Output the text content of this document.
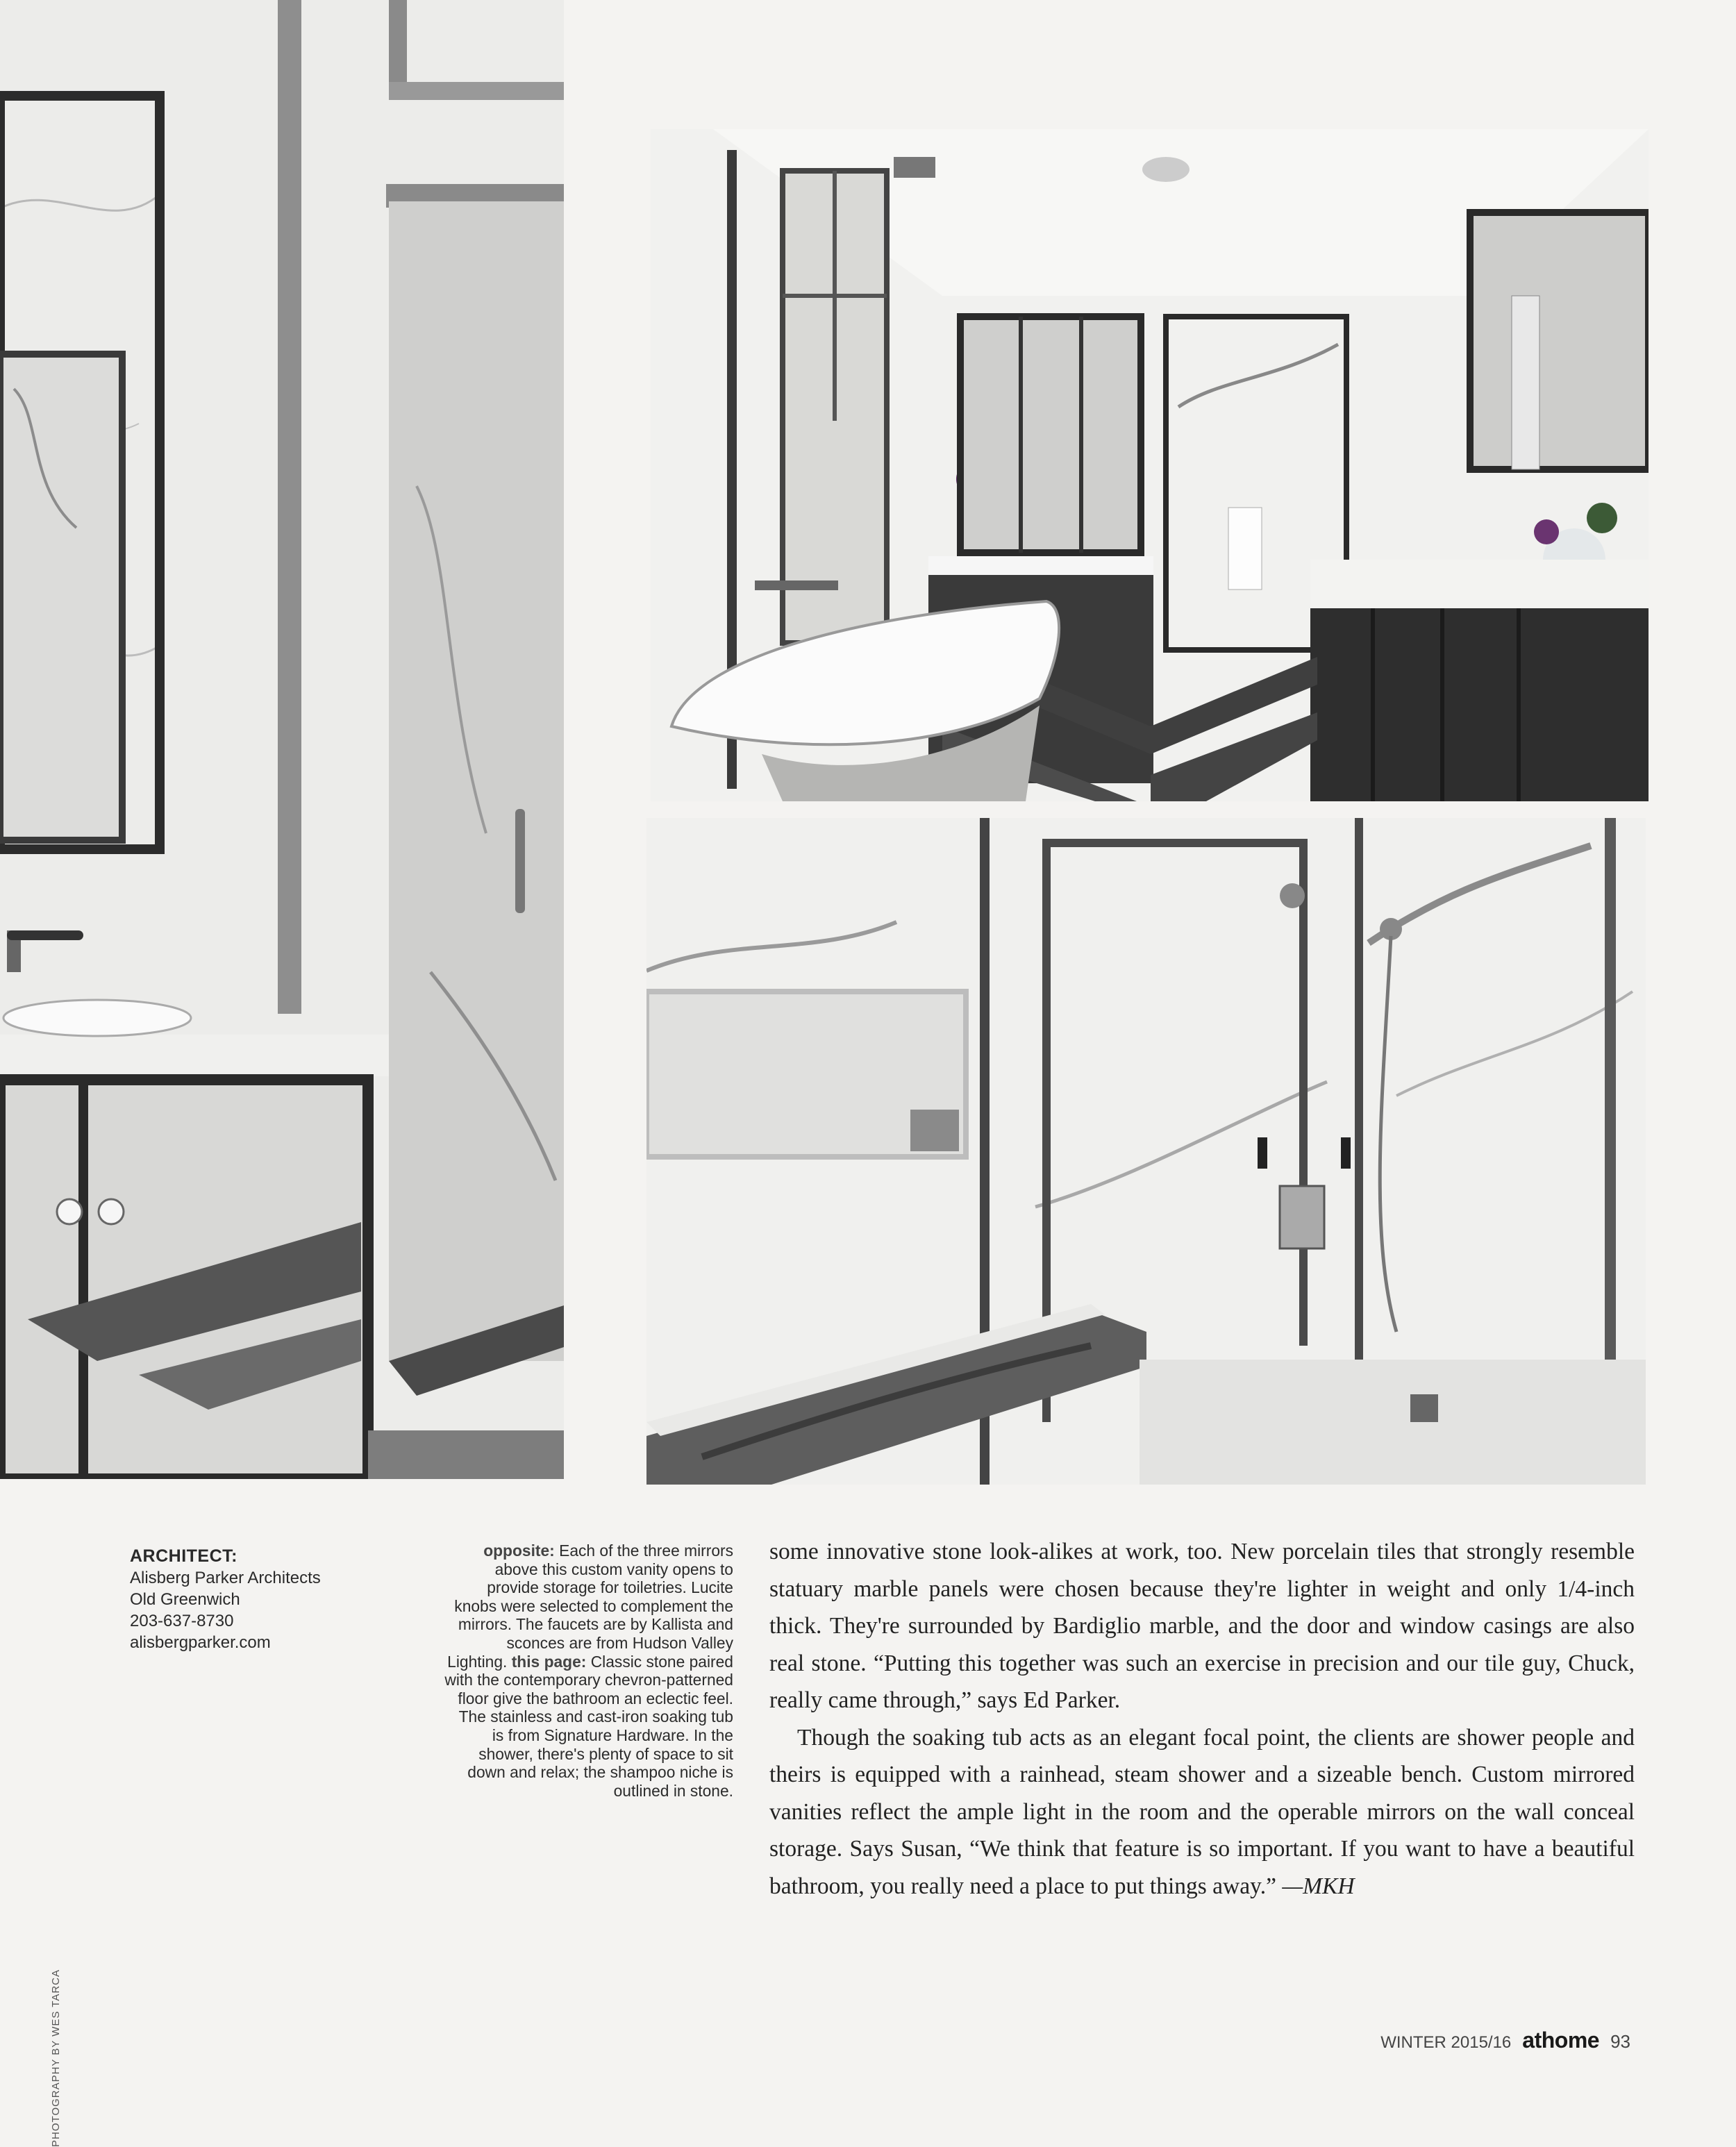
ARCHITECT:
Alisberg Parker Architects
Old Greenwich
203-637-8730
alisbergparker.com
PHOTOGRAPHY BY WES TARCA
opposite: Each of the three mirrors above this custom vanity opens to provide storage for toiletries. Lucite knobs were selected to complement the mirrors. The faucets are by Kallista and sconces are from Hudson Valley Lighting. this page: Classic stone paired with the contemporary chevron-patterned floor give the bathroom an eclectic feel. The stainless and cast-iron soaking tub is from Signature Hardware. In the shower, there's plenty of space to sit down and relax; the shampoo niche is outlined in stone.

some innovative stone look-alikes at work, too. New porcelain tiles that strongly resemble statuary marble panels were chosen because they're lighter in weight and only 1/4-inch thick. They're surrounded by Bardiglio marble, and the door and window casings are also real stone. “Putting this together was such an exercise in precision and our tile guy, Chuck, really came through,” says Ed Parker.

Though the soaking tub acts as an elegant focal point, the clients are shower people and theirs is equipped with a rainhead, steam shower and a sizeable bench. Custom mirrored vanities reflect the ample light in the room and the operable mirrors on the wall conceal storage. Says Susan, “We think that feature is so important. If you want to have a beautiful bathroom, you really need a place to put things away.” —MKH

WINTER 2015/16 athome 93
